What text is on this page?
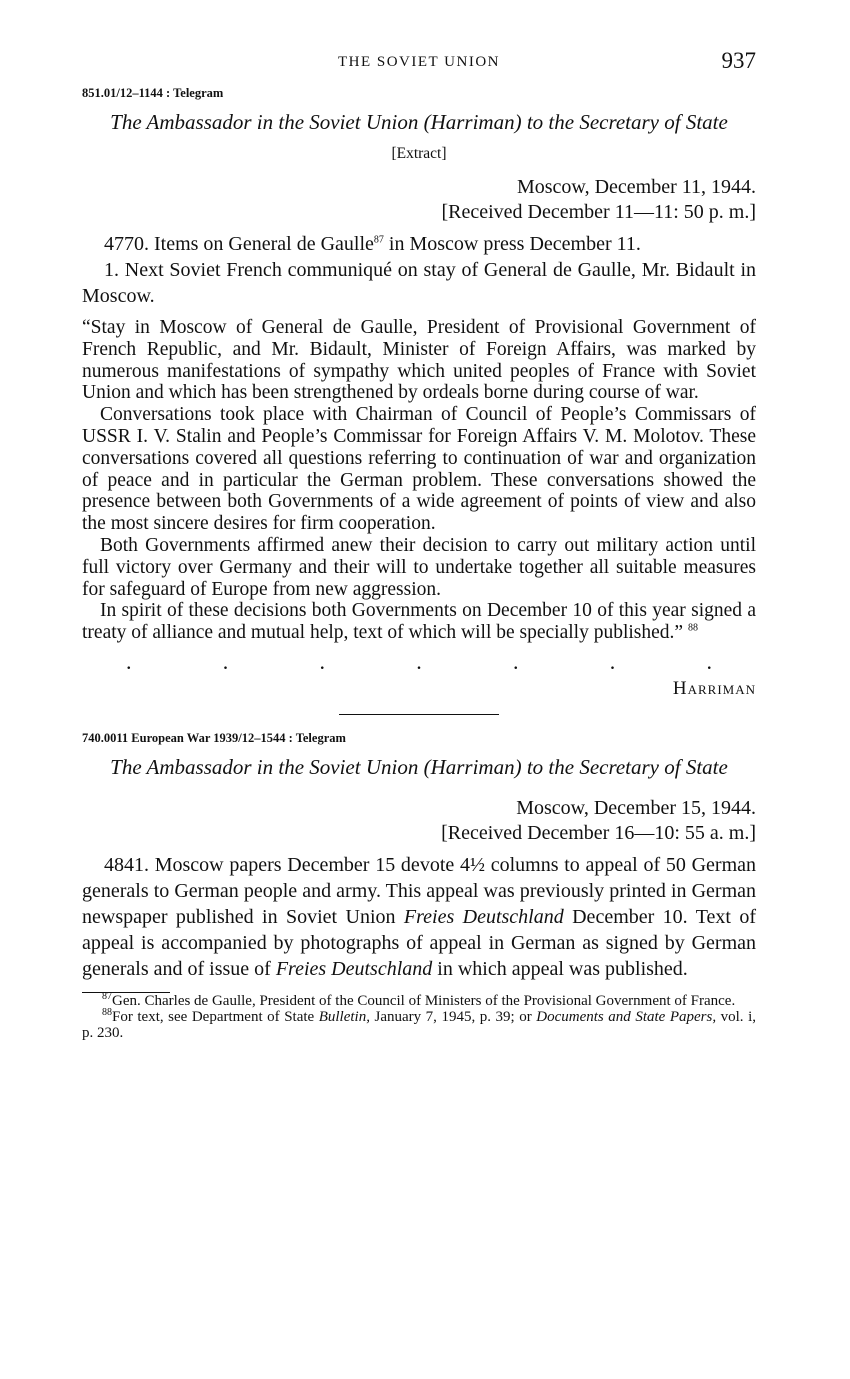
THE SOVIET UNION	937
851.01/12–1144 : Telegram
The Ambassador in the Soviet Union (Harriman) to the Secretary of State
[Extract]
Moscow, December 11, 1944.
[Received December 11—11: 50 p. m.]

4770. Items on General de Gaulle$^{87}$ in Moscow press December 11.

1. Next Soviet French communiqué on stay of General de Gaulle, Mr. Bidault in Moscow.

“Stay in Moscow of General de Gaulle, President of Provisional Government of French Republic, and Mr. Bidault, Minister of Foreign Affairs, was marked by numerous manifestations of sympathy which united peoples of France with Soviet Union and which has been strengthened by ordeals borne during course of war.

Conversations took place with Chairman of Council of People’s Commissars of USSR I. V. Stalin and People’s Commissar for Foreign Affairs V. M. Molotov. These conversations covered all questions referring to continuation of war and organization of peace and in particular the German problem. These conversations showed the presence between both Governments of a wide agreement of points of view and also the most sincere desires for firm cooperation.

Both Governments affirmed anew their decision to carry out military action until full victory over Germany and their will to undertake together all suitable measures for safeguard of Europe from new aggression.

In spirit of these decisions both Governments on December 10 of this year signed a treaty of alliance and mutual help, text of which will be specially published.” $^{88}$

.	.	.	.	.	.	.
Harriman
740.0011 European War 1939/12–1544 : Telegram
The Ambassador in the Soviet Union (Harriman) to the Secretary of State
Moscow, December 15, 1944.
[Received December 16—10: 55 a. m.]

4841. Moscow papers December 15 devote 4½ columns to appeal of 50 German generals to German people and army. This appeal was previously printed in German newspaper published in Soviet Union Freies Deutschland December 10. Text of appeal is accompanied by photographs of appeal in German as signed by German generals and of issue of Freies Deutschland in which appeal was published.

$^{87}$Gen. Charles de Gaulle, President of the Council of Ministers of the Provisional Government of France.

$^{88}$For text, see Department of State Bulletin, January 7, 1945, p. 39; or Documents and State Papers, vol. i, p. 230.
